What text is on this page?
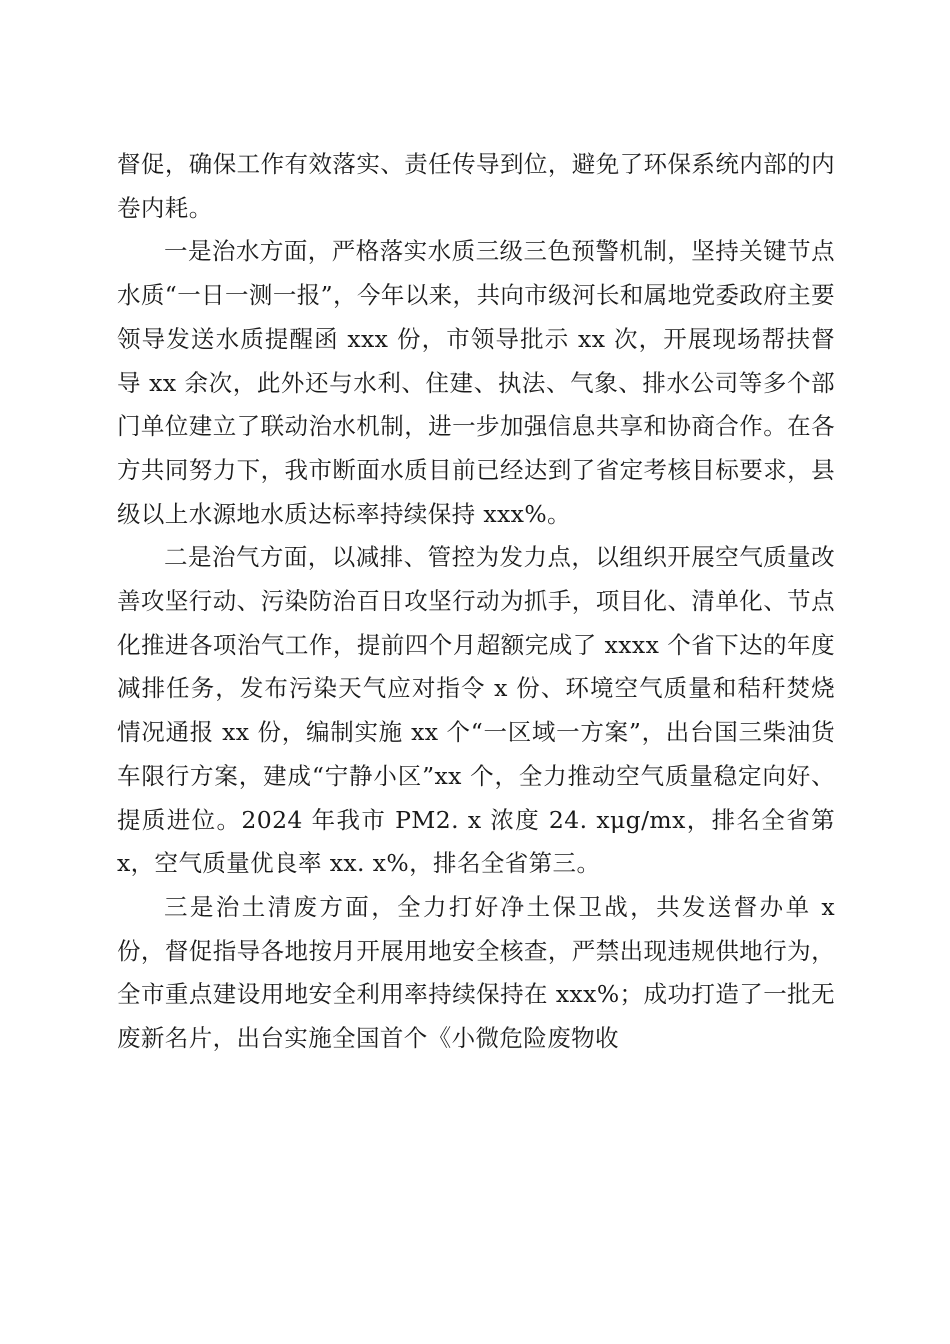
督促，确保工作有效落实、责任传导到位，避免了环保系统内部的内卷内耗。

一是治水方面，严格落实水质三级三色预警机制，坚持关键节点水质“一日一测一报”，今年以来，共向市级河长和属地党委政府主要领导发送水质提醒函 xxx 份，市领导批示 xx 次，开展现场帮扶督导 xx 余次，此外还与水利、住建、执法、气象、排水公司等多个部门单位建立了联动治水机制，进一步加强信息共享和协商合作。在各方共同努力下，我市断面水质目前已经达到了省定考核目标要求，县级以上水源地水质达标率持续保持 xxx%。

二是治气方面，以减排、管控为发力点，以组织开展空气质量改善攻坚行动、污染防治百日攻坚行动为抓手，项目化、清单化、节点化推进各项治气工作，提前四个月超额完成了 xxxx 个省下达的年度减排任务，发布污染天气应对指令 x 份、环境空气质量和秸秆焚烧情况通报 xx 份，编制实施 xx 个“一区域一方案”，出台国三柴油货车限行方案，建成“宁静小区”xx 个，全力推动空气质量稳定向好、提质进位。2024 年我市 PM2. x 浓度 24. xμg/mx，排名全省第 x，空气质量优良率 xx. x%，排名全省第三。

三是治土清废方面，全力打好净土保卫战，共发送督办单 x 份，督促指导各地按月开展用地安全核查，严禁出现违规供地行为，全市重点建设用地安全利用率持续保持在 xxx%；成功打造了一批无废新名片，出台实施全国首个《小微危险废物收
